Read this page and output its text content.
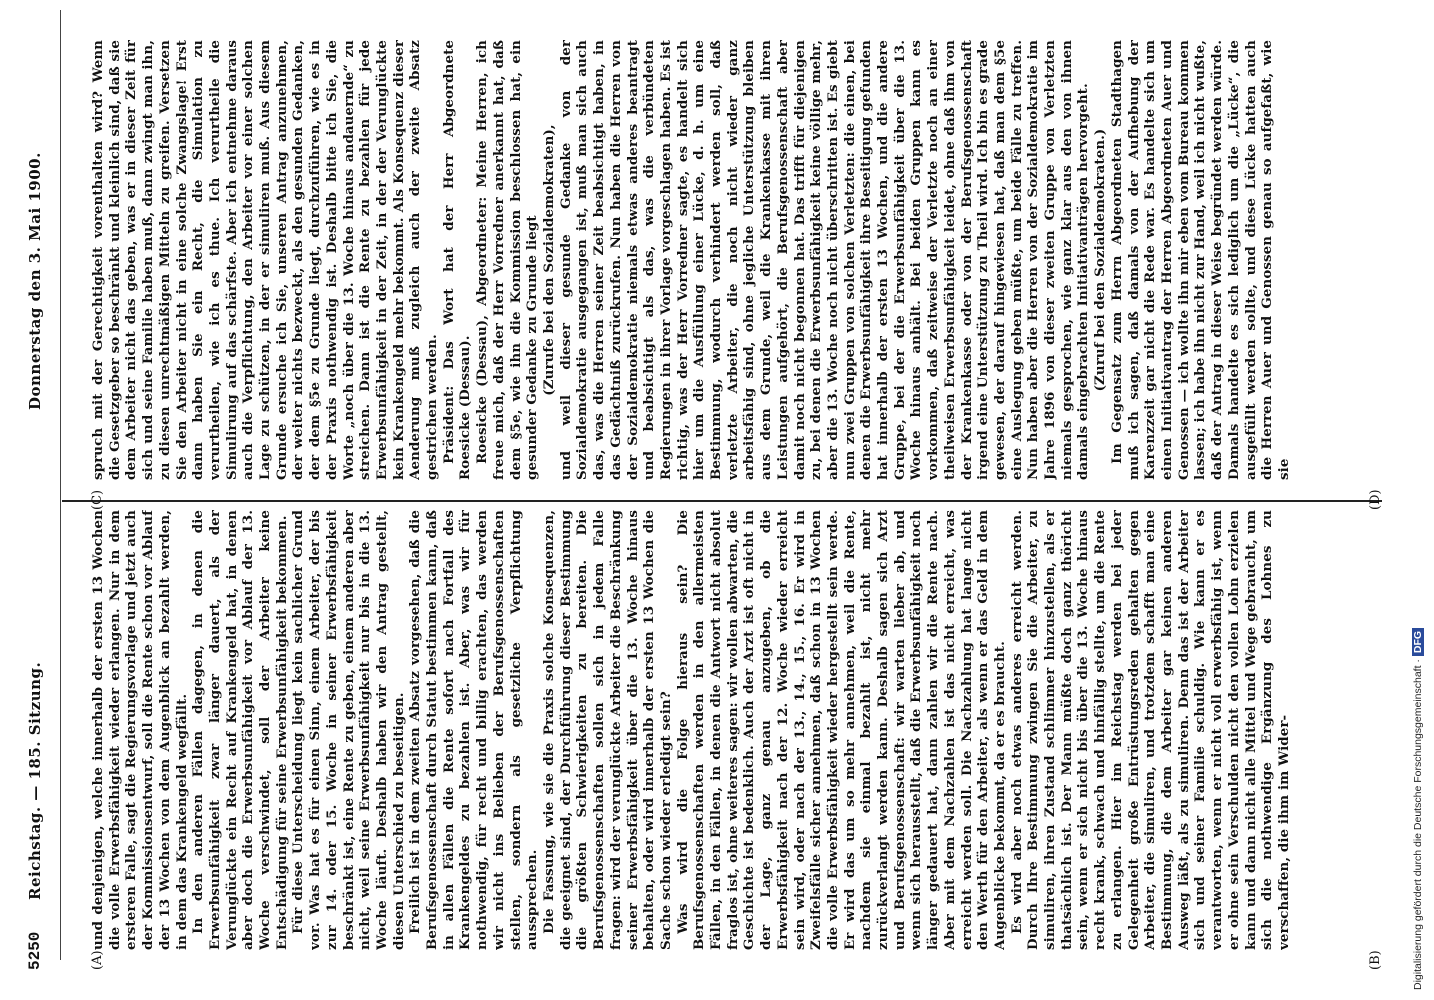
5250
Reichstag. — 185. Sitzung.
Donnerstag den 3. Mai 1900.
(A)	(B)
(C)	(D)

und denjenigen, welche innerhalb der ersten 13 Wochen die volle Erwerbsfähigkeit wieder erlangen. Nur in dem ersteren Falle, sagt die Regierungsvorlage und jetzt auch der Kommissionsentwurf, soll die Rente schon vor Ablauf der 13 Wochen von dem Augenblick an bezahlt werden, in dem das Krankengeld wegfällt. In den anderen Fällen dagegen, in denen die Erwerbsunfähigkeit zwar länger dauert, als der Verunglückte ein Recht auf Krankengeld hat, in denen aber doch die Erwerbsunfähigkeit vor Ablauf der 13. Woche verschwindet, soll der Arbeiter keine Entschädigung für seine Erwerbsunfähigkeit bekommen. Für diese Unterscheidung liegt kein sachlicher Grund vor. Was hat es für einen Sinn, einem Arbeiter, der bis zur 14. oder 15. Woche in seiner Erwerbsfähigkeit beschränkt ist, eine Rente zu geben, einem anderen aber nicht, weil seine Erwerbsunfähigkeit nur bis in die 13. Woche läuft. Deshalb haben wir den Antrag gestellt, diesen Unterschied zu beseitigen. Freilich ist in dem zweiten Absatz vorgesehen, daß die Berufsgenossenschaft durch Statut bestimmen kann, daß in allen Fällen die Rente sofort nach Fortfall des Krankengeldes zu bezahlen ist. Aber, was wir für nothwendig, für recht und billig erachten, das werden wir nicht ins Belieben der Berufsgenossenschaften stellen, sondern als gesetzliche Verpflichtung aussprechen. Die Fassung, wie sie die Praxis solche Konsequenzen, die geeignet sind, der Durchführung dieser Bestimmung die größten Schwierigkeiten zu bereiten. Die Berufsgenossenschaften sollen sich in jedem Falle fragen: wird der verunglückte Arbeiter die Beschränkung seiner Erwerbsfähigkeit über die 13. Woche hinaus behalten, oder wird innerhalb der ersten 13 Wochen die Sache schon wieder erledigt sein? Was wird die Folge hieraus sein? Die Berufsgenossenschaften werden in den allermeisten Fällen, in den Fällen, in denen die Antwort nicht absolut fraglos ist, ohne weiteres sagen: wir wollen abwarten, die Geschichte ist bedenklich. Auch der Arzt ist oft nicht in der Lage, ganz genau anzugeben, ob die Erwerbsfähigkeit nach der 12. Woche wieder erreicht sein wird, oder nach der 13., 14., 15., 16. Er wird in Zweifelsfälle sicher annehmen, daß schon in 13 Wochen die volle Erwerbsfähigkeit wieder hergestellt sein werde. Er wird das um so mehr annehmen, weil die Rente, nachdem sie einmal bezahlt ist, nicht mehr zurückverlangt werden kann. Deshalb sagen sich Arzt und Berufsgenossenschaft: wir warten lieber ab, und wenn sich herausstellt, daß die Erwerbsunfähigkeit noch länger gedauert hat, dann zahlen wir die Rente nach. Aber mit dem Nachzahlen ist das nicht erreicht, was erreicht werden soll. Die Nachzahlung hat lange nicht den Werth für den Arbeiter, als wenn er das Geld in dem Augenblicke bekommt, da er es braucht. Es wird aber noch etwas anderes erreicht werden. Durch Ihre Bestimmung zwingen Sie die Arbeiter, zu simuliren, ihren Zustand schlimmer hinzustellen, als er thatsächlich ist. Der Mann müßte doch ganz thöricht sein, wenn er sich nicht bis über die 13. Woche hinaus recht krank, schwach und hinfällig stellte, um die Rente zu erlangen. Hier im Reichstag werden bei jeder Gelegenheit große Entrüstungsreden gehalten gegen Arbeiter, die simuliren, und trotzdem schafft man eine Bestimmung, die dem Arbeiter gar keinen anderen Ausweg läßt, als zu simuliren. Denn das ist der Arbeiter sich und seiner Familie schuldig. Wie kann er es verantworten, wenn er nicht voll erwerbsfähig ist, wenn er ohne sein Verschulden nicht den vollen Lohn erzielen kann und dann nicht alle Mittel und Wege gebraucht, um sich die nothwendige Ergänzung des Lohnes zu verschaffen, die ihm im Wider-

spruch mit der Gerechtigkeit vorenthalten wird? Wenn die Gesetzgeber so beschränkt und kleinlich sind, daß sie dem Arbeiter nicht das geben, was er in dieser Zeit für sich und seine Familie haben muß, dann zwingt man ihn, zu diesen unrechtmäßigen Mitteln zu greifen. Versetzen Sie den Arbeiter nicht in eine solche Zwangslage! Erst dann haben Sie ein Recht, die Simulation zu verurtheilen, wie ich es thue. Ich verurtheile die Simulirung auf das schärfste. Aber ich entnehme daraus auch die Verpflichtung, den Arbeiter vor einer solchen Lage zu schützen, in der er simuliren muß. Aus diesem Grunde ersuche ich Sie, unseren Antrag anzunehmen, der weiter nichts bezweckt, als den gesunden Gedanken, der dem §5e zu Grunde liegt, durchzuführen, wie es in der Praxis nothwendig ist. Deshalb bitte ich Sie, die Worte „noch über die 13. Woche hinaus andauernde“ zu streichen. Dann ist die Rente zu bezahlen für jede Erwerbsunfähigkeit in der Zeit, in der der Verunglückte kein Krankengeld mehr bekommt. Als Konsequenz dieser Aenderung muß zugleich auch der zweite Absatz gestrichen werden. Präsident: Das Wort hat der Herr Abgeordnete Roesicke (Dessau). Roesicke (Dessau), Abgeordneter: Meine Herren, ich freue mich, daß der Herr Vorredner anerkannt hat, daß dem §5e, wie ihn die Kommission beschlossen hat, ein gesunder Gedanke zu Grunde liegt (Zurufe bei den Sozialdemokraten), und weil dieser gesunde Gedanke von der Sozialdemokratie ausgegangen ist, muß man sich auch das, was die Herren seiner Zeit beabsichtigt haben, in das Gedächtniß zurückrufen. Nun haben die Herren von der Sozialdemokratie niemals etwas anderes beantragt und beabsichtigt als das, was die verbündeten Regierungen in ihrer Vorlage vorgeschlagen haben. Es ist richtig, was der Herr Vorredner sagte, es handelt sich hier um die Ausfüllung einer Lücke, d. h. um eine Bestimmung, wodurch verhindert werden soll, daß verletzte Arbeiter, die noch nicht wieder ganz arbeitsfähig sind, ohne jegliche Unterstützung bleiben aus dem Grunde, weil die Krankenkasse mit ihren Leistungen aufgehört, die Berufsgenossenschaft aber damit noch nicht begonnen hat. Das trifft für diejenigen zu, bei denen die Erwerbsunfähigkeit keine völlige mehr, aber die 13. Woche noch nicht überschritten ist. Es giebt nun zwei Gruppen von solchen Verletzten: die einen, bei denen die Erwerbsunfähigkeit ihre Beseitigung gefunden hat innerhalb der ersten 13 Wochen, und die andere Gruppe, bei der die Erwerbsunfähigkeit über die 13. Woche hinaus anhält. Bei beiden Gruppen kann es vorkommen, daß zeitweise der Verletzte noch an einer theilweisen Erwerbsunfähigkeit leidet, ohne daß ihm von der Krankenkasse oder von der Berufsgenossenschaft irgend eine Unterstützung zu Theil wird. Ich bin es grade gewesen, der darauf hingewiesen hat, daß man dem §5e eine Auslegung geben müßte, um beide Fälle zu treffen. Nun haben aber die Herren von der Sozialdemokratie im Jahre 1896 von dieser zweiten Gruppe von Verletzten niemals gesprochen, wie ganz klar aus den von ihnen damals eingebrachten Initiativanträgen hervorgeht. (Zuruf bei den Sozialdemokraten.) Im Gegensatz zum Herrn Abgeordneten Stadthagen muß ich sagen, daß damals von der Aufhebung der Karenzzeit gar nicht die Rede war. Es handelte sich um einen Initiativantrag der Herren Abgeordneten Auer und Genossen — ich wollte ihn mir eben vom Bureau kommen lassen; ich habe ihn nicht zur Hand, weil ich nicht wußte, daß der Antrag in dieser Weise begründet werden würde. Damals handelte es sich lediglich um die „Lücke“, die ausgefüllt werden sollte, und diese Lücke hatten auch die Herren Auer und Genossen genau so aufgefaßt, wie sie

Digitalisierung gefördert durch die Deutsche Forschungsgemeinschaft · DFG
